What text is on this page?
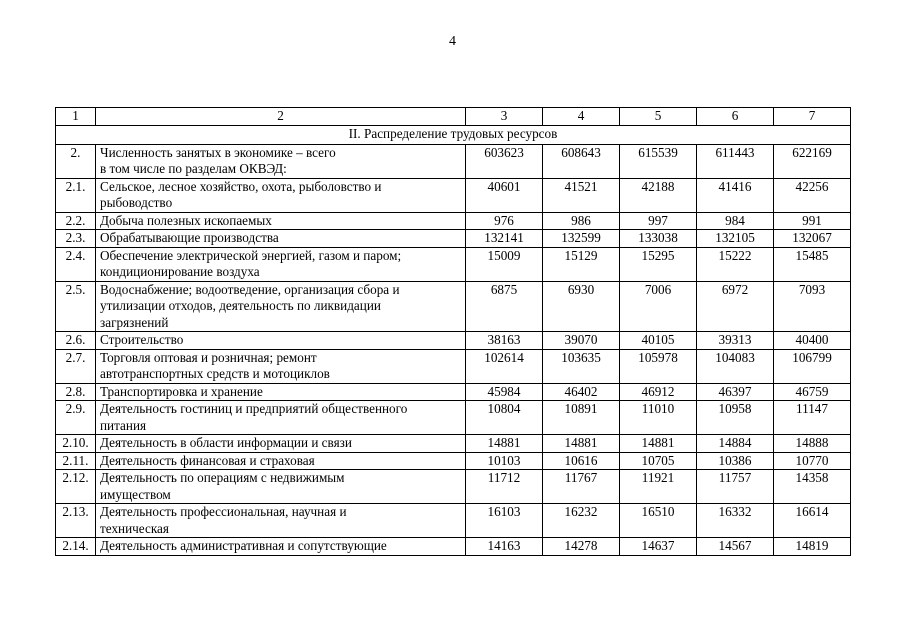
4
1	2	3	4	5	6	7
II. Распределение трудовых ресурсов						
2.	Численность занятых в экономике – всего
в том числе по разделам ОКВЭД:	603623	608643	615539	611443	622169
2.1.	Сельское, лесное хозяйство, охота, рыболовство и
рыбоводство	40601	41521	42188	41416	42256
2.2.	Добыча полезных ископаемых	976	986	997	984	991
2.3.	Обрабатывающие производства	132141	132599	133038	132105	132067
2.4.	Обеспечение электрической энергией, газом и паром;
кондиционирование воздуха	15009	15129	15295	15222	15485
2.5.	Водоснабжение; водоотведение, организация сбора и
утилизации отходов, деятельность по ликвидации
загрязнений	6875	6930	7006	6972	7093
2.6.	Строительство	38163	39070	40105	39313	40400
2.7.	Торговля оптовая и розничная; ремонт
автотранспортных средств и мотоциклов	102614	103635	105978	104083	106799
2.8.	Транспортировка и хранение	45984	46402	46912	46397	46759
2.9.	Деятельность гостиниц и предприятий общественного
питания	10804	10891	11010	10958	11147
2.10.	Деятельность в области информации и связи	14881	14881	14881	14884	14888
2.11.	Деятельность финансовая и страховая	10103	10616	10705	10386	10770
2.12.	Деятельность по операциям с недвижимым
имуществом	11712	11767	11921	11757	14358
2.13.	Деятельность профессиональная, научная и
техническая	16103	16232	16510	16332	16614
2.14.	Деятельность административная и сопутствующие	14163	14278	14637	14567	14819
